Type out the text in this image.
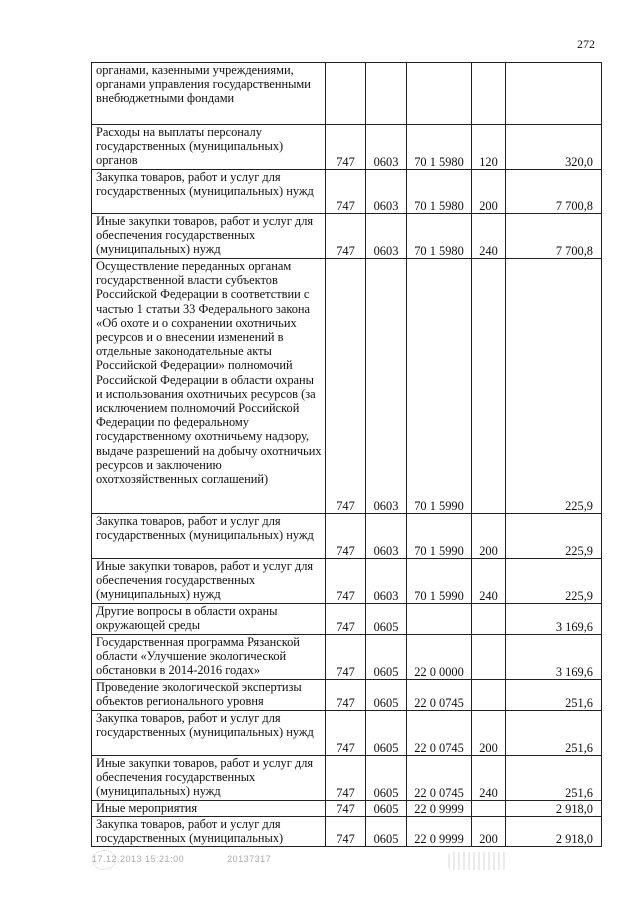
272
органами, казенными учреждениями, органами управления государственными внебюджетными фондами					
Расходы на выплаты персоналу государственных (муниципальных) органов	747	0603	70 1 5980	120	320,0
Закупка товаров, работ и услуг для государственных (муниципальных) нужд	747	0603	70 1 5980	200	7 700,8
Иные закупки товаров, работ и услуг для обеспечения государственных (муниципальных) нужд	747	0603	70 1 5980	240	7 700,8
Осуществление переданных органам государственной власти субъектов Российской Федерации в соответствии с частью 1 статьи 33 Федерального закона «Об охоте и о сохранении охотничьих ресурсов и о внесении изменений в отдельные законодательные акты Российской Федерации» полномочий Российской Федерации в области охраны и использования охотничьих ресурсов (за исключением полномочий Российской Федерации по федеральному государственному охотничьему надзору, выдаче разрешений на добычу охотничьих ресурсов и заключению охотхозяйственных соглашений)	747	0603	70 1 5990		225,9
Закупка товаров, работ и услуг для государственных (муниципальных) нужд	747	0603	70 1 5990	200	225,9
Иные закупки товаров, работ и услуг для обеспечения государственных (муниципальных) нужд	747	0603	70 1 5990	240	225,9
Другие вопросы в области охраны окружающей среды	747	0605			3 169,6
Государственная программа Рязанской области «Улучшение экологической обстановки в 2014-2016 годах»	747	0605	22 0 0000		3 169,6
Проведение экологической экспертизы объектов регионального уровня	747	0605	22 0 0745		251,6
Закупка товаров, работ и услуг для государственных (муниципальных) нужд	747	0605	22 0 0745	200	251,6
Иные закупки товаров, работ и услуг для обеспечения государственных (муниципальных) нужд	747	0605	22 0 0745	240	251,6
Иные мероприятия	747	0605	22 0 9999		2 918,0
Закупка товаров, работ и услуг для государственных (муниципальных)	747	0605	22 0 9999	200	2 918,0
17.12.2013 15:21:00	20137317
